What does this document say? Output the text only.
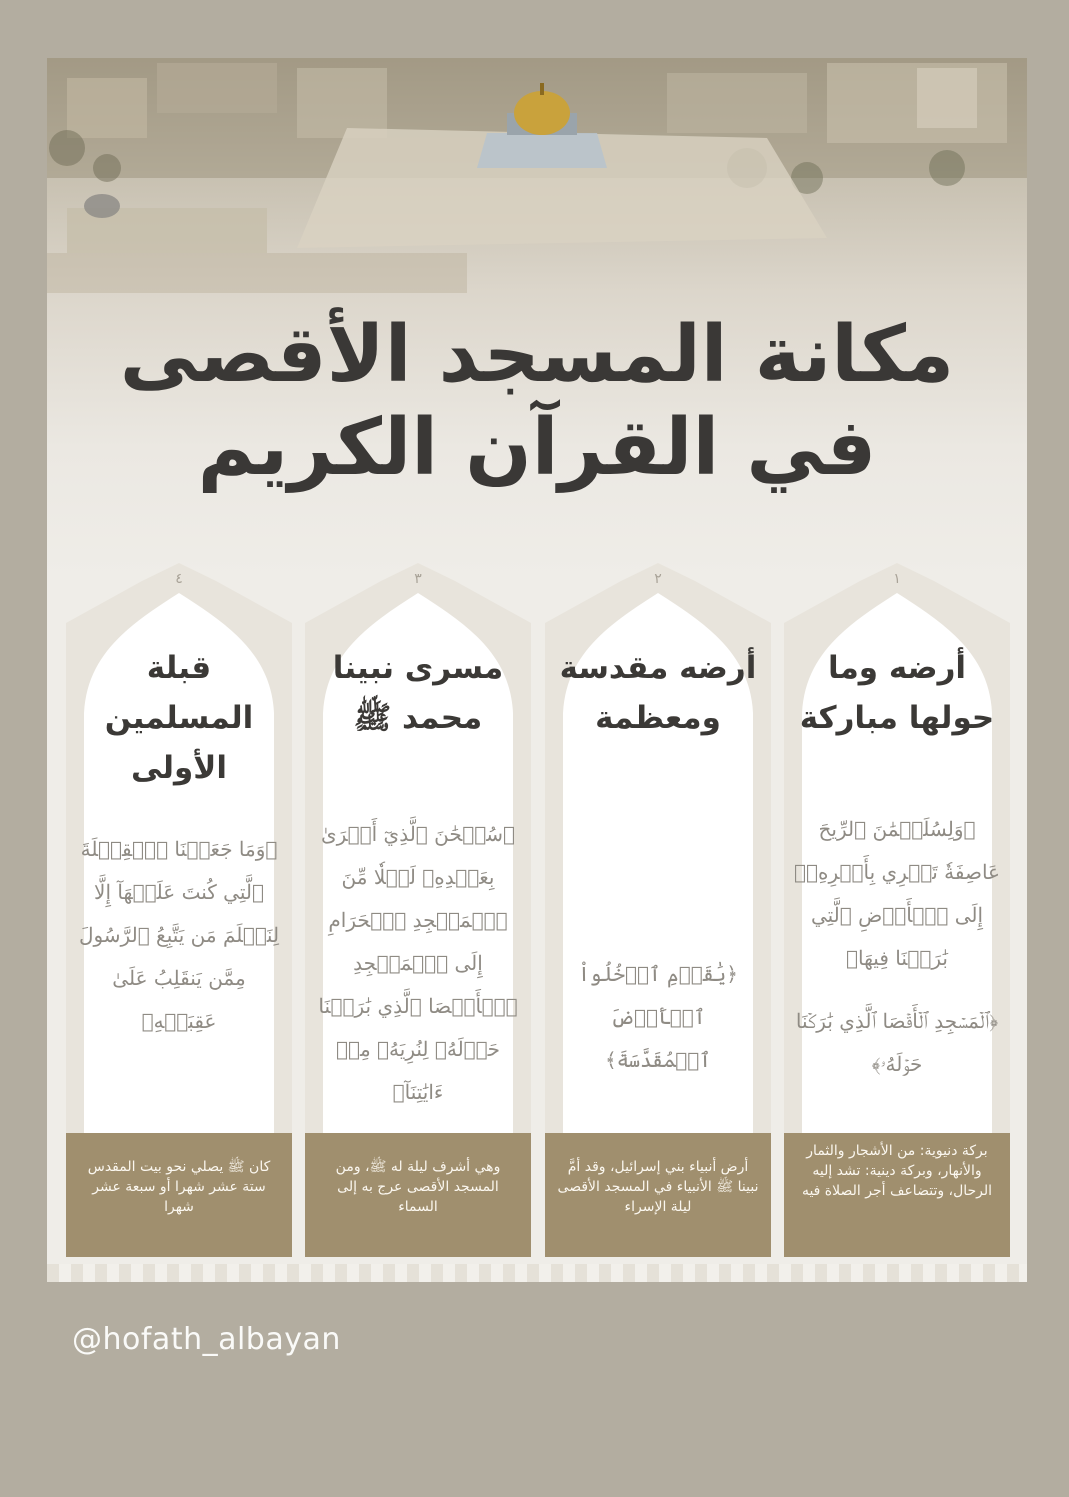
مكانة المسجد الأقصى
في القرآن الكريم
١
أرضه وما حولها مباركة
﴿وَلِسُلَيۡمَٰنَ ٱلرِّيحَ عَاصِفَةٗ تَجۡرِي بِأَمۡرِهِۦٓ إِلَى ٱلۡأَرۡضِ ٱلَّتِي بَٰرَكۡنَا فِيهَا﴾
﴿ٱلۡمَسۡجِدِ ٱلۡأَقۡصَا ٱلَّذِي بَٰرَكۡنَا حَوۡلَهُۥ﴾
بركة دنيوية: من الأشجار والثمار والأنهار، وبركة دينية: تشد إليه الرحال، وتتضاعف أجر الصلاة فيه
٢
أرضه مقدسة ومعظمة
﴿يَٰقَوۡمِ ٱدۡخُلُواْ ٱلۡأَرۡضَ ٱلۡمُقَدَّسَةَ﴾
أرض أنبياء بني إسرائيل، وقد أمَّ نبينا ﷺ الأنبياء في المسجد الأقصى ليلة الإسراء
٣
مسرى نبينا محمد ﷺ
﴿سُبۡحَٰنَ ٱلَّذِيٓ أَسۡرَىٰ بِعَبۡدِهِۦ لَيۡلٗا مِّنَ ٱلۡمَسۡجِدِ ٱلۡحَرَامِ إِلَى ٱلۡمَسۡجِدِ ٱلۡأَقۡصَا ٱلَّذِي بَٰرَكۡنَا حَوۡلَهُۥ لِنُرِيَهُۥ مِنۡ ءَايَٰتِنَآ﴾
وهي أشرف ليلة له ﷺ، ومن المسجد الأقصى عرج به إلى السماء
٤
قبلة المسلمين الأولى
﴿وَمَا جَعَلۡنَا ٱلۡقِبۡلَةَ ٱلَّتِي كُنتَ عَلَيۡهَآ إِلَّا لِنَعۡلَمَ مَن يَتَّبِعُ ٱلرَّسُولَ مِمَّن يَنقَلِبُ عَلَىٰ عَقِبَيۡهِ﴾
كان ﷺ يصلي نحو بيت المقدس ستة عشر شهرا أو سبعة عشر شهرا
@hofath_albayan
